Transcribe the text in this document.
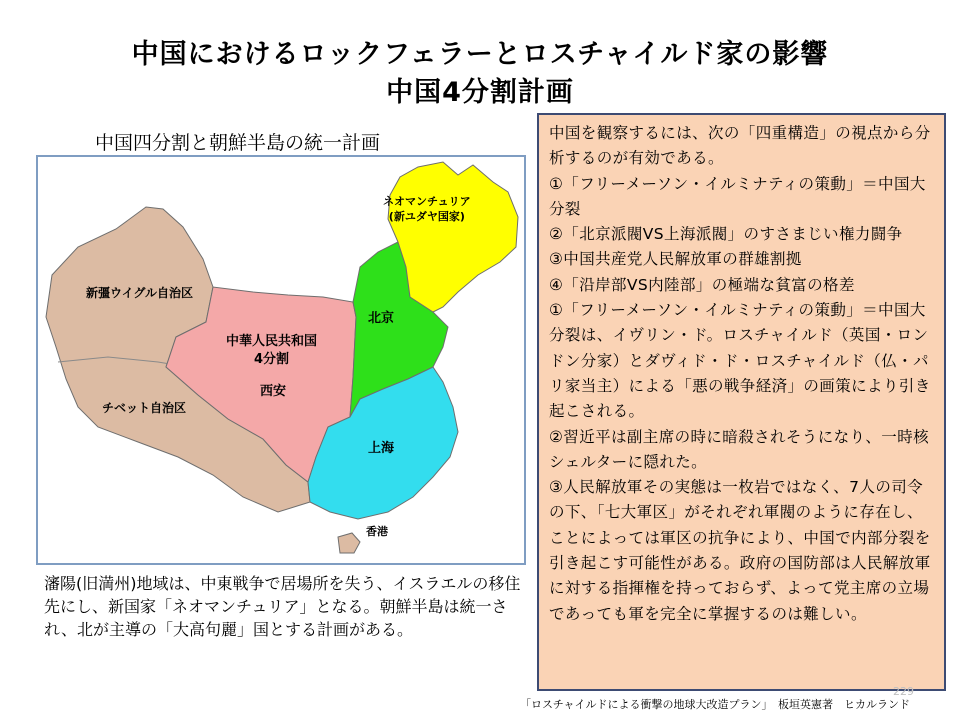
中国におけるロックフェラーとロスチャイルド家の影響
中国4分割計画
中国四分割と朝鮮半島の統一計画
ネオマンチュリア
(新ユダヤ国家)
新彊ウイグル自治区
チベット自治区
中華人民共和国
4分割
西安
北京
上海
香港
瀋陽(旧満州)地域は、中東戦争で居場所を失う、イスラエルの移住先にし、新国家「ネオマンチュリア」となる。朝鮮半島は統一され、北が主導の「大高句麗」国とする計画がある。
中国を観察するには、次の「四重構造」の視点から分析するのが有効である。
①「フリーメーソン・イルミナティの策動」＝中国大分裂
②「北京派閥VS上海派閥」のすさまじい権力闘争
③中国共産党人民解放軍の群雄割拠
④「沿岸部VS内陸部」の極端な貧富の格差
①「フリーメーソン・イルミナティの策動」＝中国大分裂は、イヴリン・ド。ロスチャイルド（英国・ロンドン分家）とダヴィド・ド・ロスチャイルド（仏・パリ家当主）による「悪の戦争経済」の画策により引き起こされる。
②習近平は副主席の時に暗殺されそうになり、一時核シェルターに隠れた。
③人民解放軍その実態は一枚岩ではなく、7人の司令の下、「七大軍区」がそれぞれ軍閥のように存在し、ことによっては軍区の抗争により、中国で内部分裂を引き起こす可能性がある。政府の国防部は人民解放軍に対する指揮権を持っておらず、よって党主席の立場であっても軍を完全に掌握するのは難しい。
229
「ロスチャイルドによる衝撃の地球大改造プラン」　板垣英憲著　ヒカルランド
